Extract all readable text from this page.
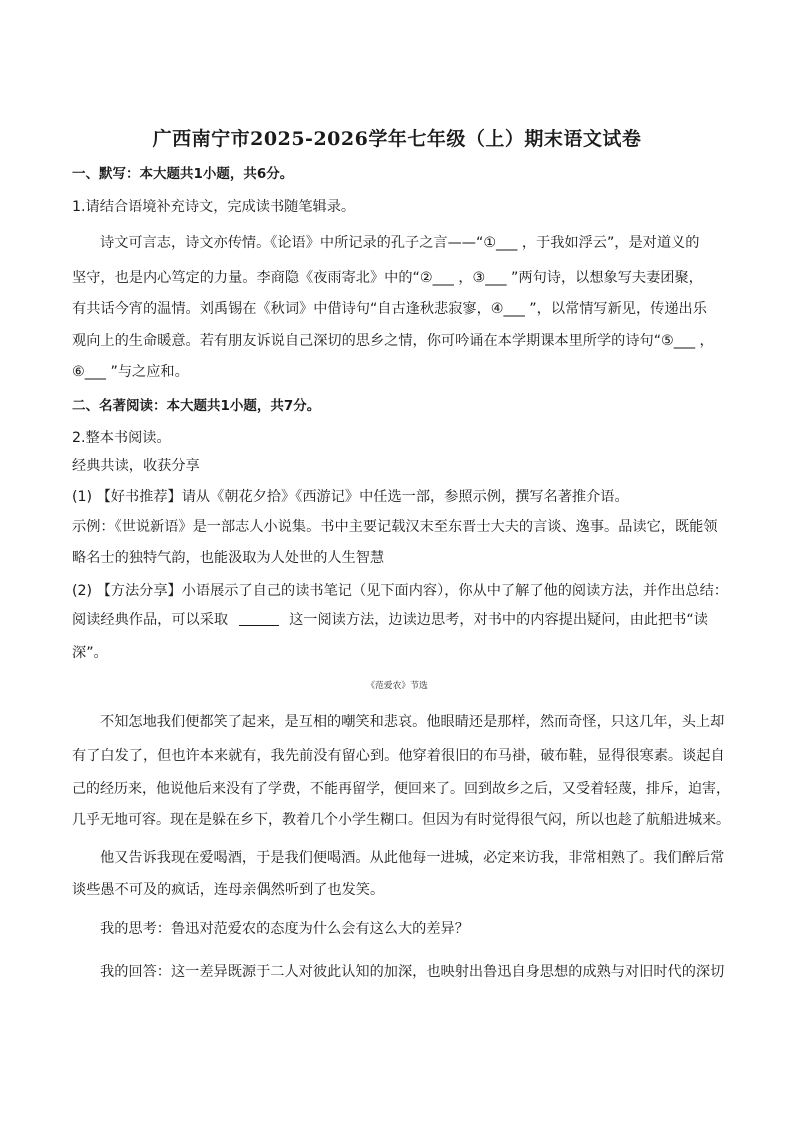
广西南宁市2025-2026学年七年级（上）期末语文试卷
一、默写：本大题共1小题，共6分。
1.请结合语境补充诗文，完成读书随笔辑录。
诗文可言志，诗文亦传情。《论语》中所记录的孔子之言——“①___ ，于我如浮云”，是对道义的
坚守，也是内心笃定的力量。李商隐《夜雨寄北》中的“②___ ，③___ ”两句诗，以想象写夫妻团聚，
有共话今宵的温情。刘禹锡在《秋词》中借诗句“自古逢秋悲寂寥，④___ ”，以常情写新见，传递出乐
观向上的生命暖意。若有朋友诉说自己深切的思乡之情，你可吟诵在本学期课本里所学的诗句“⑤___ ，
⑥___ ”与之应和。
二、名著阅读：本大题共1小题，共7分。
2.整本书阅读。
经典共读，收获分享
(1) 【好书推荐】请从《朝花夕拾》《西游记》中任选一部，参照示例，撰写名著推介语。
示例：《世说新语》是一部志人小说集。书中主要记载汉末至东晋士大夫的言谈、逸事。品读它，既能领
略名士的独特气韵，也能汲取为人处世的人生智慧
(2) 【方法分享】小语展示了自己的读书笔记（见下面内容），你从中了解了他的阅读方法，并作出总结：
阅读经典作品，可以采取	这一阅读方法，边读边思考，对书中的内容提出疑问，由此把书“读
深”。
《范爱农》节选
不知怎地我们便都笑了起来，是互相的嘲笑和悲哀。他眼睛还是那样，然而奇怪，只这几年，头上却
有了白发了，但也许本来就有，我先前没有留心到。他穿着很旧的布马褂，破布鞋，显得很寒素。谈起自
己的经历来，他说他后来没有了学费，不能再留学，便回来了。回到故乡之后，又受着轻蔑，排斥，迫害，
几乎无地可容。现在是躲在乡下，教着几个小学生糊口。但因为有时觉得很气闷，所以也趁了航船进城来。
他又告诉我现在爱喝酒，于是我们便喝酒。从此他每一进城，必定来访我，非常相熟了。我们醉后常
谈些愚不可及的疯话，连母亲偶然听到了也发笑。
我的思考：鲁迅对范爱农的态度为什么会有这么大的差异？
我的回答：这一差异既源于二人对彼此认知的加深，也映射出鲁迅自身思想的成熟与对旧时代的深切
